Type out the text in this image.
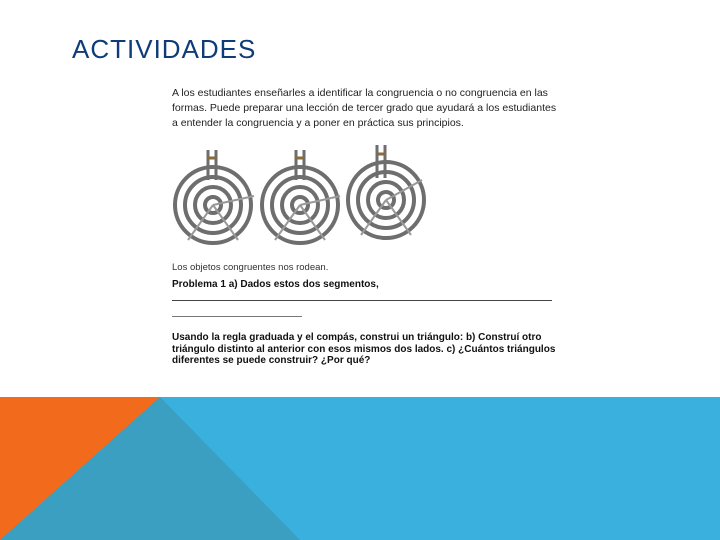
ACTIVIDADES
A los estudiantes enseñarles a identificar la congruencia o no congruencia en las formas. Puede preparar una lección de tercer grado que ayudará a los estudiantes a entender la congruencia y a poner en práctica sus principios.
Los objetos congruentes nos rodean.
Problema 1 a) Dados estos dos segmentos,
Usando la regla graduada y el compás, construi un triángulo: b) Construí otro triángulo distinto al anterior con esos mismos dos lados. c) ¿Cuántos triángulos diferentes se puede construir? ¿Por qué?
